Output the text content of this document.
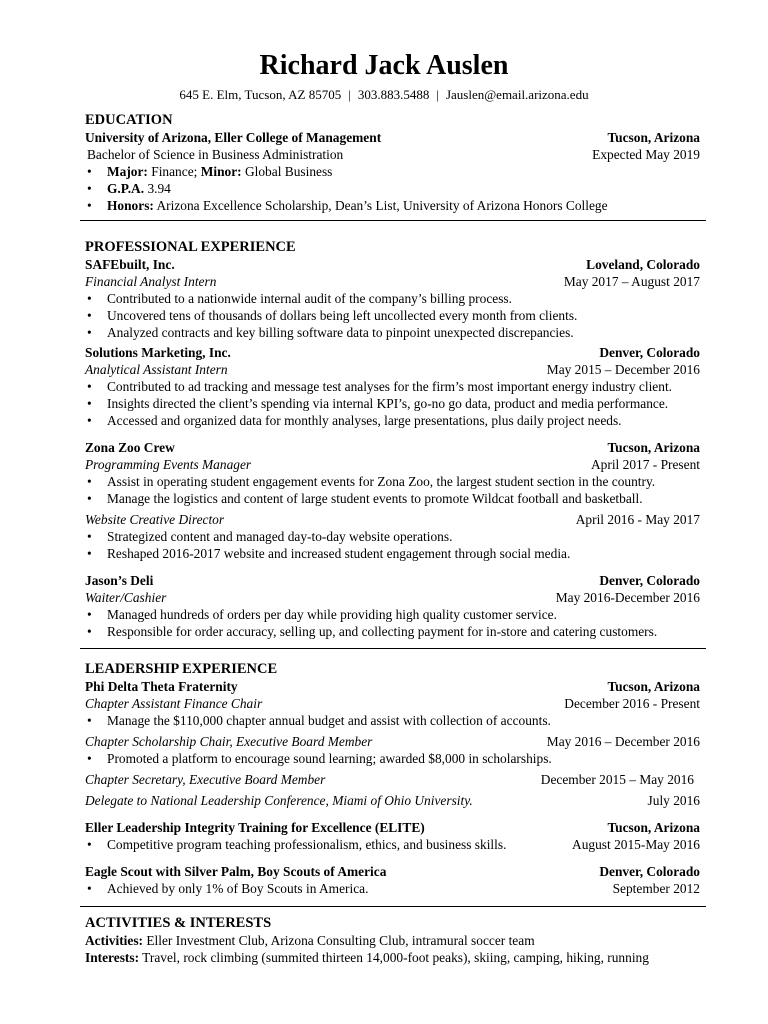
Richard Jack Auslen
645 E. Elm, Tucson, AZ 85705 | 303.883.5488 | Jauslen@email.arizona.edu
EDUCATION
University of Arizona, Eller College of Management	Tucson, Arizona
Bachelor of Science in Business Administration	Expected May 2019
• Major: Finance; Minor: Global Business
• G.P.A. 3.94
• Honors: Arizona Excellence Scholarship, Dean’s List, University of Arizona Honors College
PROFESSIONAL EXPERIENCE
SAFEbuilt, Inc.	Loveland, Colorado
Financial Analyst Intern	May 2017 – August 2017
• Contributed to a nationwide internal audit of the company’s billing process.
• Uncovered tens of thousands of dollars being left uncollected every month from clients.
• Analyzed contracts and key billing software data to pinpoint unexpected discrepancies.
Solutions Marketing, Inc.	Denver, Colorado
Analytical Assistant Intern	May 2015 – December 2016
• Contributed to ad tracking and message test analyses for the firm’s most important energy industry client.
• Insights directed the client’s spending via internal KPI’s, go-no go data, product and media performance.
• Accessed and organized data for monthly analyses, large presentations, plus daily project needs.
Zona Zoo Crew	Tucson, Arizona
Programming Events Manager	April 2017 - Present
• Assist in operating student engagement events for Zona Zoo, the largest student section in the country.
• Manage the logistics and content of large student events to promote Wildcat football and basketball.
Website Creative Director	April 2016 - May 2017
• Strategized content and managed day-to-day website operations.
• Reshaped 2016-2017 website and increased student engagement through social media.
Jason’s Deli	Denver, Colorado
Waiter/Cashier	May 2016-December 2016
• Managed hundreds of orders per day while providing high quality customer service.
• Responsible for order accuracy, selling up, and collecting payment for in-store and catering customers.
LEADERSHIP EXPERIENCE
Phi Delta Theta Fraternity	Tucson, Arizona
Chapter Assistant Finance Chair	December 2016 - Present
• Manage the $110,000 chapter annual budget and assist with collection of accounts.
Chapter Scholarship Chair, Executive Board Member	May 2016 – December 2016
• Promoted a platform to encourage sound learning; awarded $8,000 in scholarships.
Chapter Secretary, Executive Board Member	December 2015 – May 2016
Delegate to National Leadership Conference, Miami of Ohio University.	July 2016
Eller Leadership Integrity Training for Excellence (ELITE)	Tucson, Arizona
• Competitive program teaching professionalism, ethics, and business skills.	August 2015-May 2016
Eagle Scout with Silver Palm, Boy Scouts of America	Denver, Colorado
• Achieved by only 1% of Boy Scouts in America.	September 2012
ACTIVITIES & INTERESTS
Activities: Eller Investment Club, Arizona Consulting Club, intramural soccer team
Interests: Travel, rock climbing (summited thirteen 14,000-foot peaks), skiing, camping, hiking, running
